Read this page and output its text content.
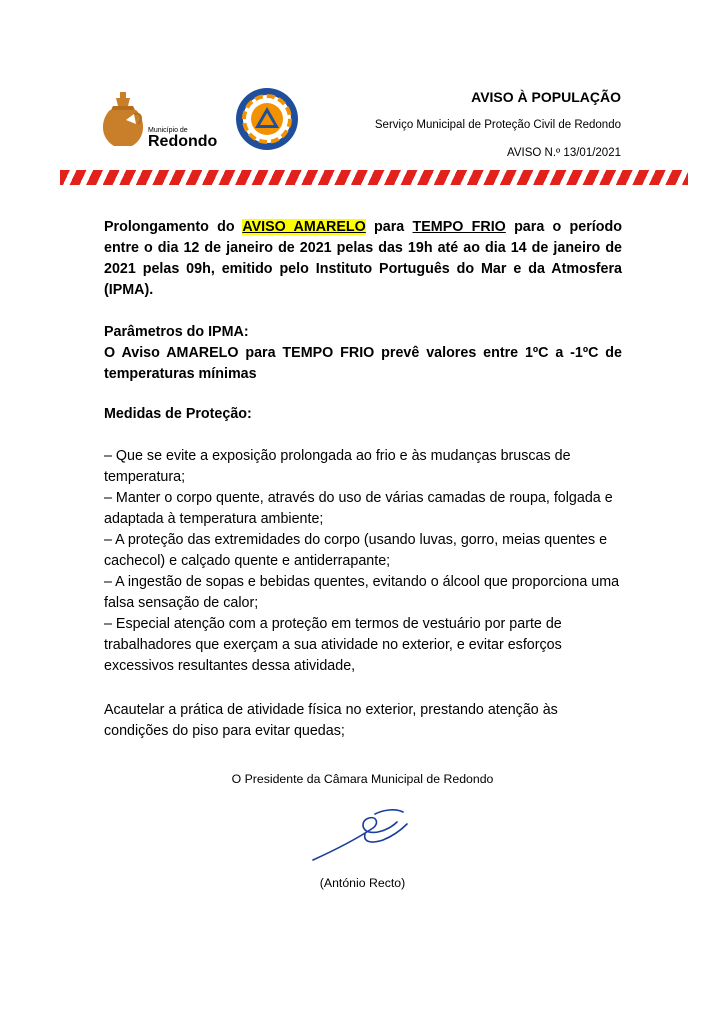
Município de
Redondo
AVISO À POPULAÇÃO
Serviço Municipal de Proteção Civil de Redondo
AVISO N.º 13/01/2021
Prolongamento do AVISO AMARELO para TEMPO FRIO para o período entre o dia 12 de janeiro de 2021 pelas das 19h até ao dia 14 de janeiro de 2021 pelas 09h, emitido pelo Instituto Português do Mar e da Atmosfera (IPMA).
Parâmetros do IPMA:
O Aviso AMARELO para TEMPO FRIO prevê valores entre 1ºC a -1ºC de temperaturas mínimas
Medidas de Proteção:
– Que se evite a exposição prolongada ao frio e às mudanças bruscas de temperatura;
– Manter o corpo quente, através do uso de várias camadas de roupa, folgada e adaptada à temperatura ambiente;
– A proteção das extremidades do corpo (usando luvas, gorro, meias quentes e cachecol) e calçado quente e antiderrapante;
– A ingestão de sopas e bebidas quentes, evitando o álcool que proporciona uma falsa sensação de calor;
– Especial atenção com a proteção em termos de vestuário por parte de trabalhadores que exerçam a sua atividade no exterior, e evitar esforços excessivos resultantes dessa atividade,
Acautelar a prática de atividade física no exterior, prestando atenção às condições do piso para evitar quedas;
O Presidente da Câmara Municipal de Redondo
(António Recto)
